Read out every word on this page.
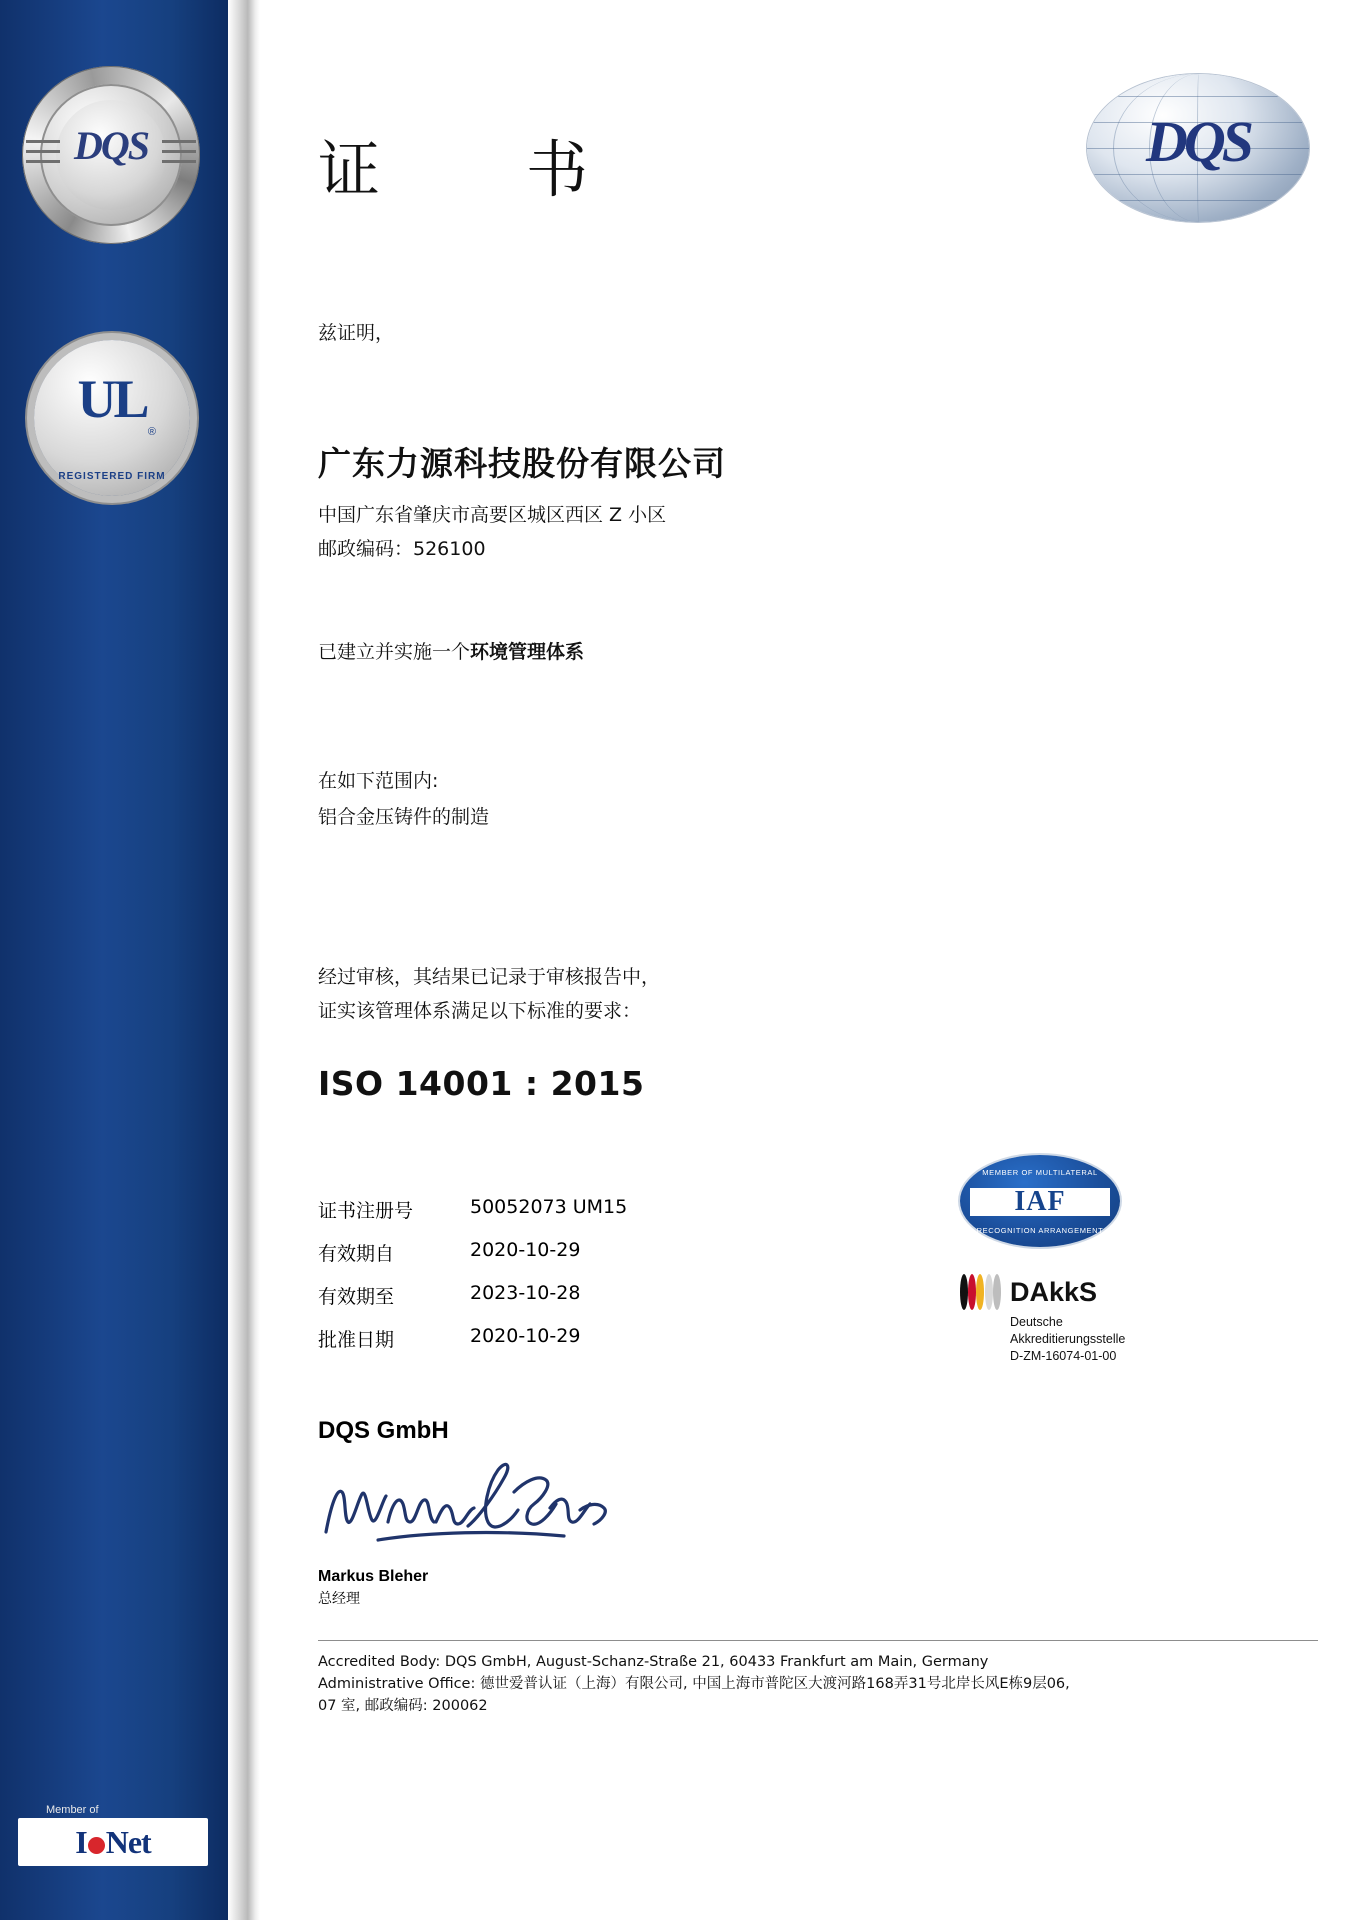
DQS
UL
®
REGISTERED FIRM
Member of
I Net
证　书	DQS
兹证明，
广东力源科技股份有限公司
中国广东省肇庆市高要区城区西区 Z 小区
邮政编码：526100
已建立并实施一个环境管理体系
在如下范围内:
铝合金压铸件的制造
经过审核，其结果已记录于审核报告中，
证实该管理体系满足以下标准的要求：
ISO 14001 : 2015
证书注册号	50052073 UM15
有效期自	2020-10-29
有效期至	2023-10-28
批准日期	2020-10-29
MEMBER OF MULTILATERAL
IAF
RECOGNITION ARRANGEMENT
DAkkS
Deutsche
Akkreditierungsstelle
D-ZM-16074-01-00
DQS GmbH
Markus Bleher
总经理
Accredited Body: DQS GmbH, August-Schanz-Straße 21, 60433 Frankfurt am Main, Germany
Administrative Office: 德世爱普认证（上海）有限公司, 中国上海市普陀区大渡河路168弄31号北岸长风E栋9层06,
07 室, 邮政编码: 200062
